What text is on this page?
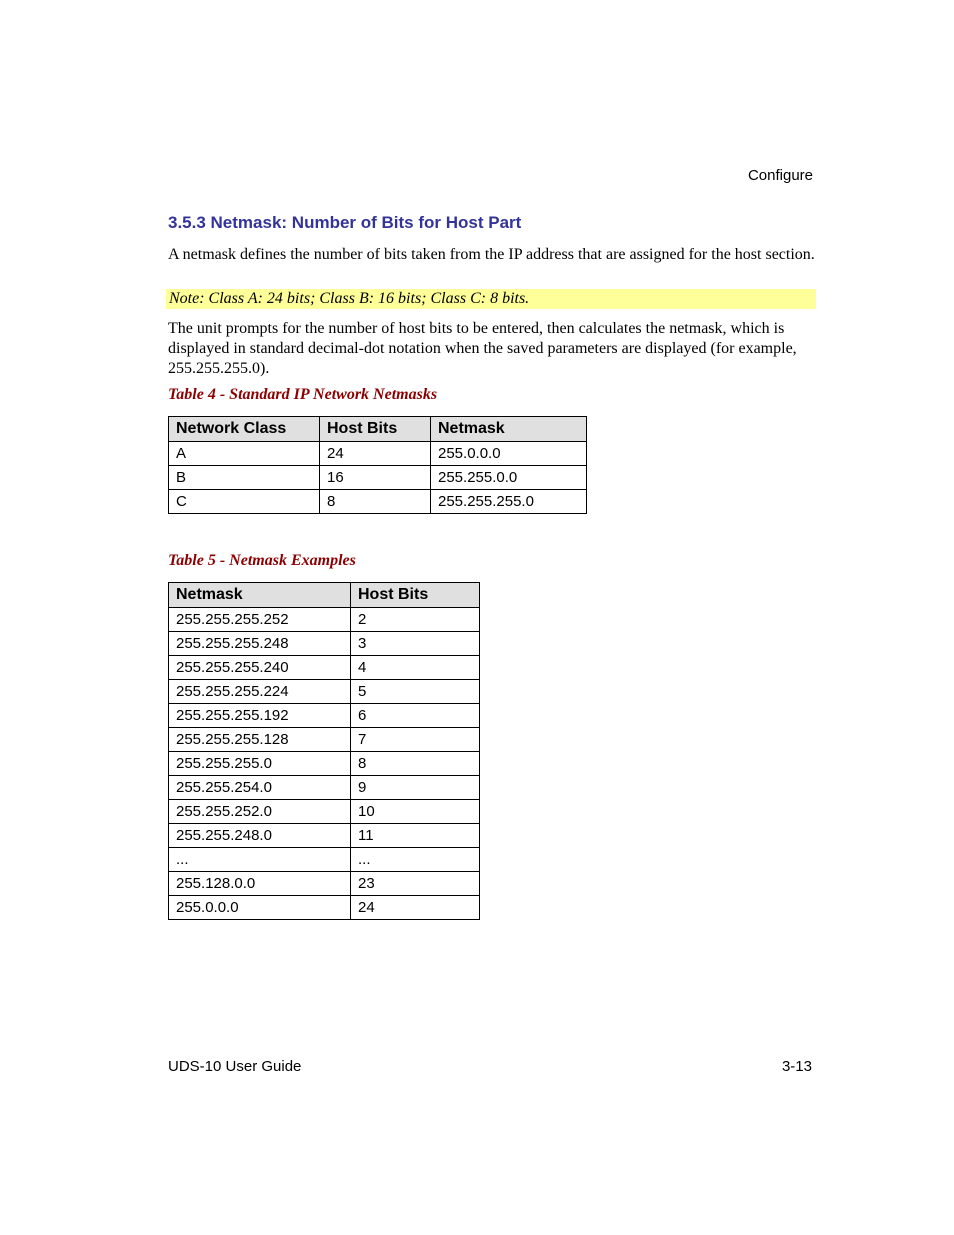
Configure
3.5.3 Netmask: Number of Bits for Host Part

A netmask defines the number of bits taken from the IP address that are assigned for the host section.

Note: Class A: 24 bits; Class B: 16 bits; Class C: 8 bits.

The unit prompts for the number of host bits to be entered, then calculates the netmask, which is displayed in standard decimal-dot notation when the saved parameters are displayed (for example, 255.255.255.0).

Table 4 - Standard IP Network Netmasks

Network Class	Host Bits	Netmask
A	24	255.0.0.0
B	16	255.255.0.0
C	8	255.255.255.0

Table 5 - Netmask Examples

Netmask	Host Bits
255.255.255.252	2
255.255.255.248	3
255.255.255.240	4
255.255.255.224	5
255.255.255.192	6
255.255.255.128	7
255.255.255.0	8
255.255.254.0	9
255.255.252.0	10
255.255.248.0	11
...	...
255.128.0.0	23
255.0.0.0	24
UDS-10 User Guide	3-13
